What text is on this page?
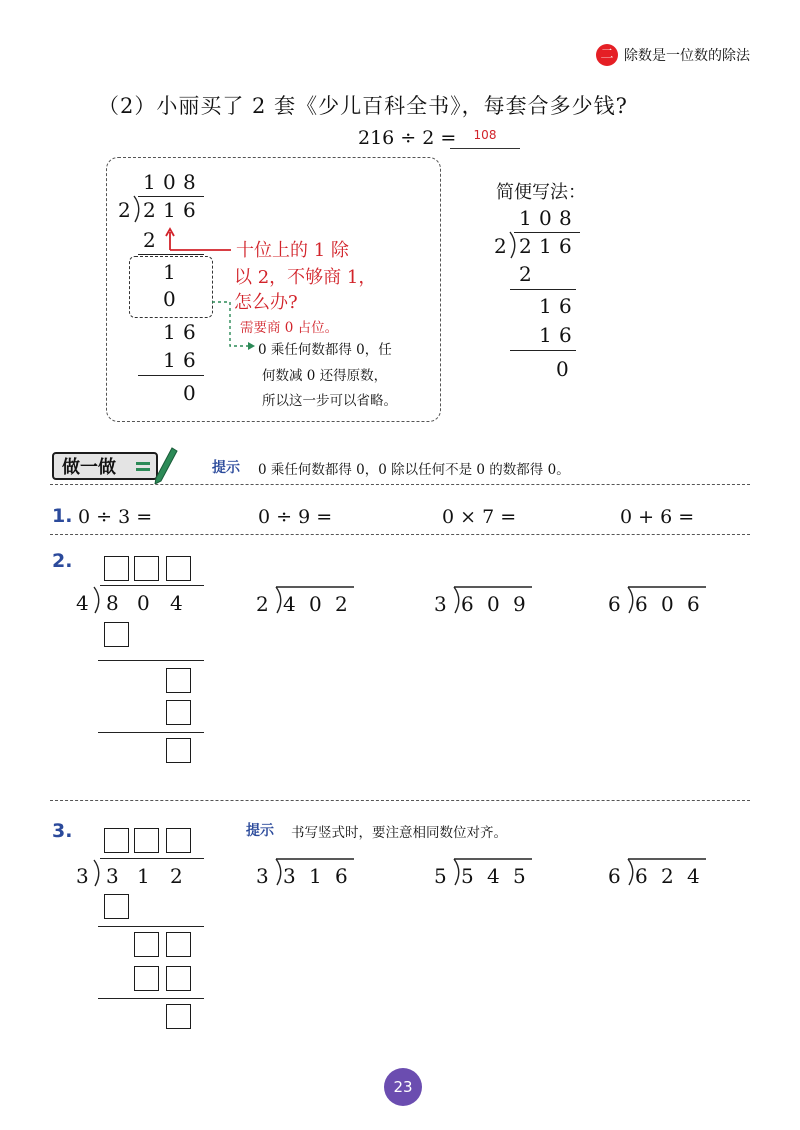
二 除数是一位数的除法
（2）小丽买了 2 套《少儿百科全书》，每套合多少钱?
216 ÷ 2 =	108
1 0 8
2 2 1 6
2
1
0
1 6
1 6
0
十位上的 1 除
以 2，不够商 1，
怎么办?
需要商 0 占位。
0 乘任何数都得 0，任
何数减 0 还得原数，
所以这一步可以省略。
简便写法：
1 0 8
2 2 1 6
2
1 6
1 6
0
做一做	提示 0 乘任何数都得 0，0 除以任何不是 0 的数都得 0。
1. 0 ÷ 3 =	0 ÷ 9 =	0 × 7 =	0 + 6 =
2.
4 8 0 4	2 4 0 2	3 6 0 9	6 6 0 6
3.	提示 书写竖式时，要注意相同数位对齐。
3 3 1 2	3 3 1 6	5 5 4 5	6 6 2 4
23
